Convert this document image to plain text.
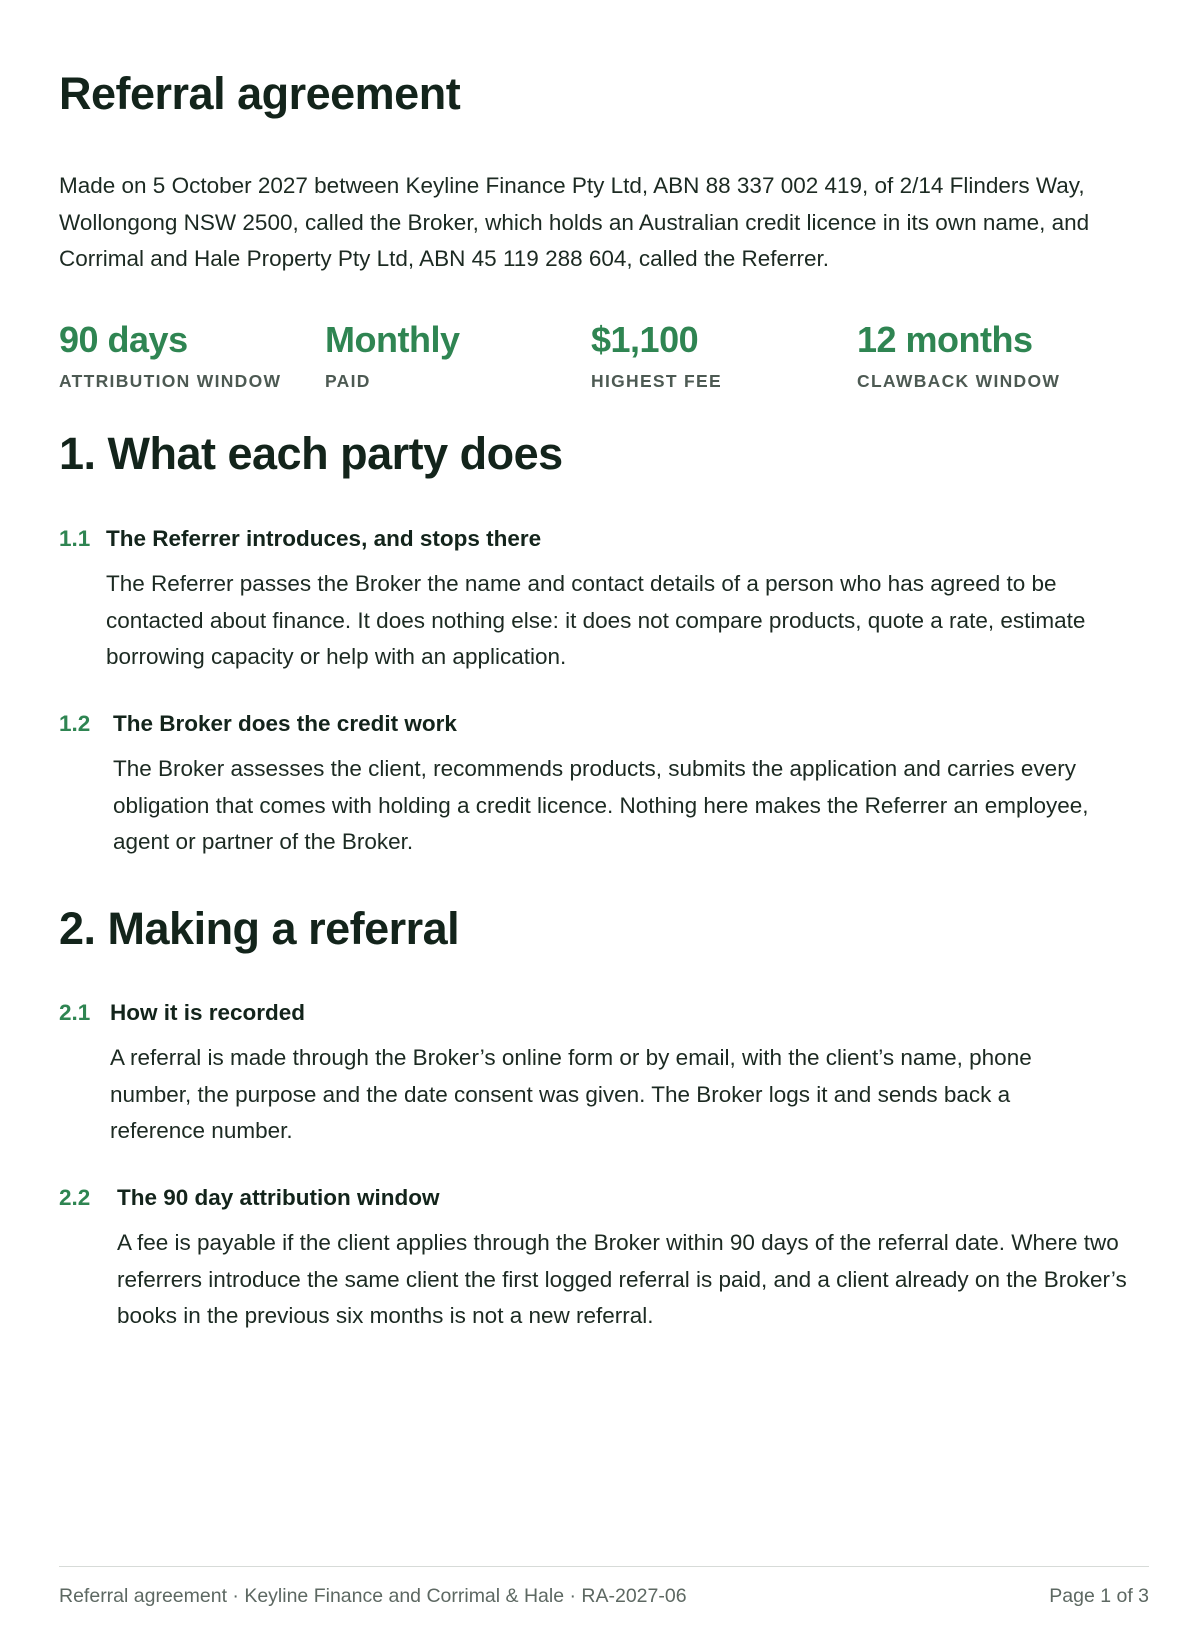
Referral agreement

Made on 5 October 2027 between Keyline Finance Pty Ltd, ABN 88 337 002 419, of 2/14 Flinders Way, Wollongong NSW 2500, called the Broker, which holds an Australian credit licence in its own name, and Corrimal and Hale Property Pty Ltd, ABN 45 119 288 604, called the Referrer.

90 days
ATTRIBUTION WINDOW
Monthly
PAID
$1,100
HIGHEST FEE
12 months
CLAWBACK WINDOW
1. What each party does
1.1 The Referrer introduces, and stops there

The Referrer passes the Broker the name and contact details of a person who has agreed to be contacted about finance. It does nothing else: it does not compare products, quote a rate, estimate borrowing capacity or help with an application.

1.2 The Broker does the credit work

The Broker assesses the client, recommends products, submits the application and carries every obligation that comes with holding a credit licence. Nothing here makes the Referrer an employee, agent or partner of the Broker.

2. Making a referral
2.1 How it is recorded

A referral is made through the Broker’s online form or by email, with the client’s name, phone number, the purpose and the date consent was given. The Broker logs it and sends back a reference number.

2.2 The 90 day attribution window

A fee is payable if the client applies through the Broker within 90 days of the referral date. Where two referrers introduce the same client the first logged referral is paid, and a client already on the Broker’s books in the previous six months is not a new referral.

Referral agreement · Keyline Finance and Corrimal & Hale · RA-2027-06	Page 1 of 3
